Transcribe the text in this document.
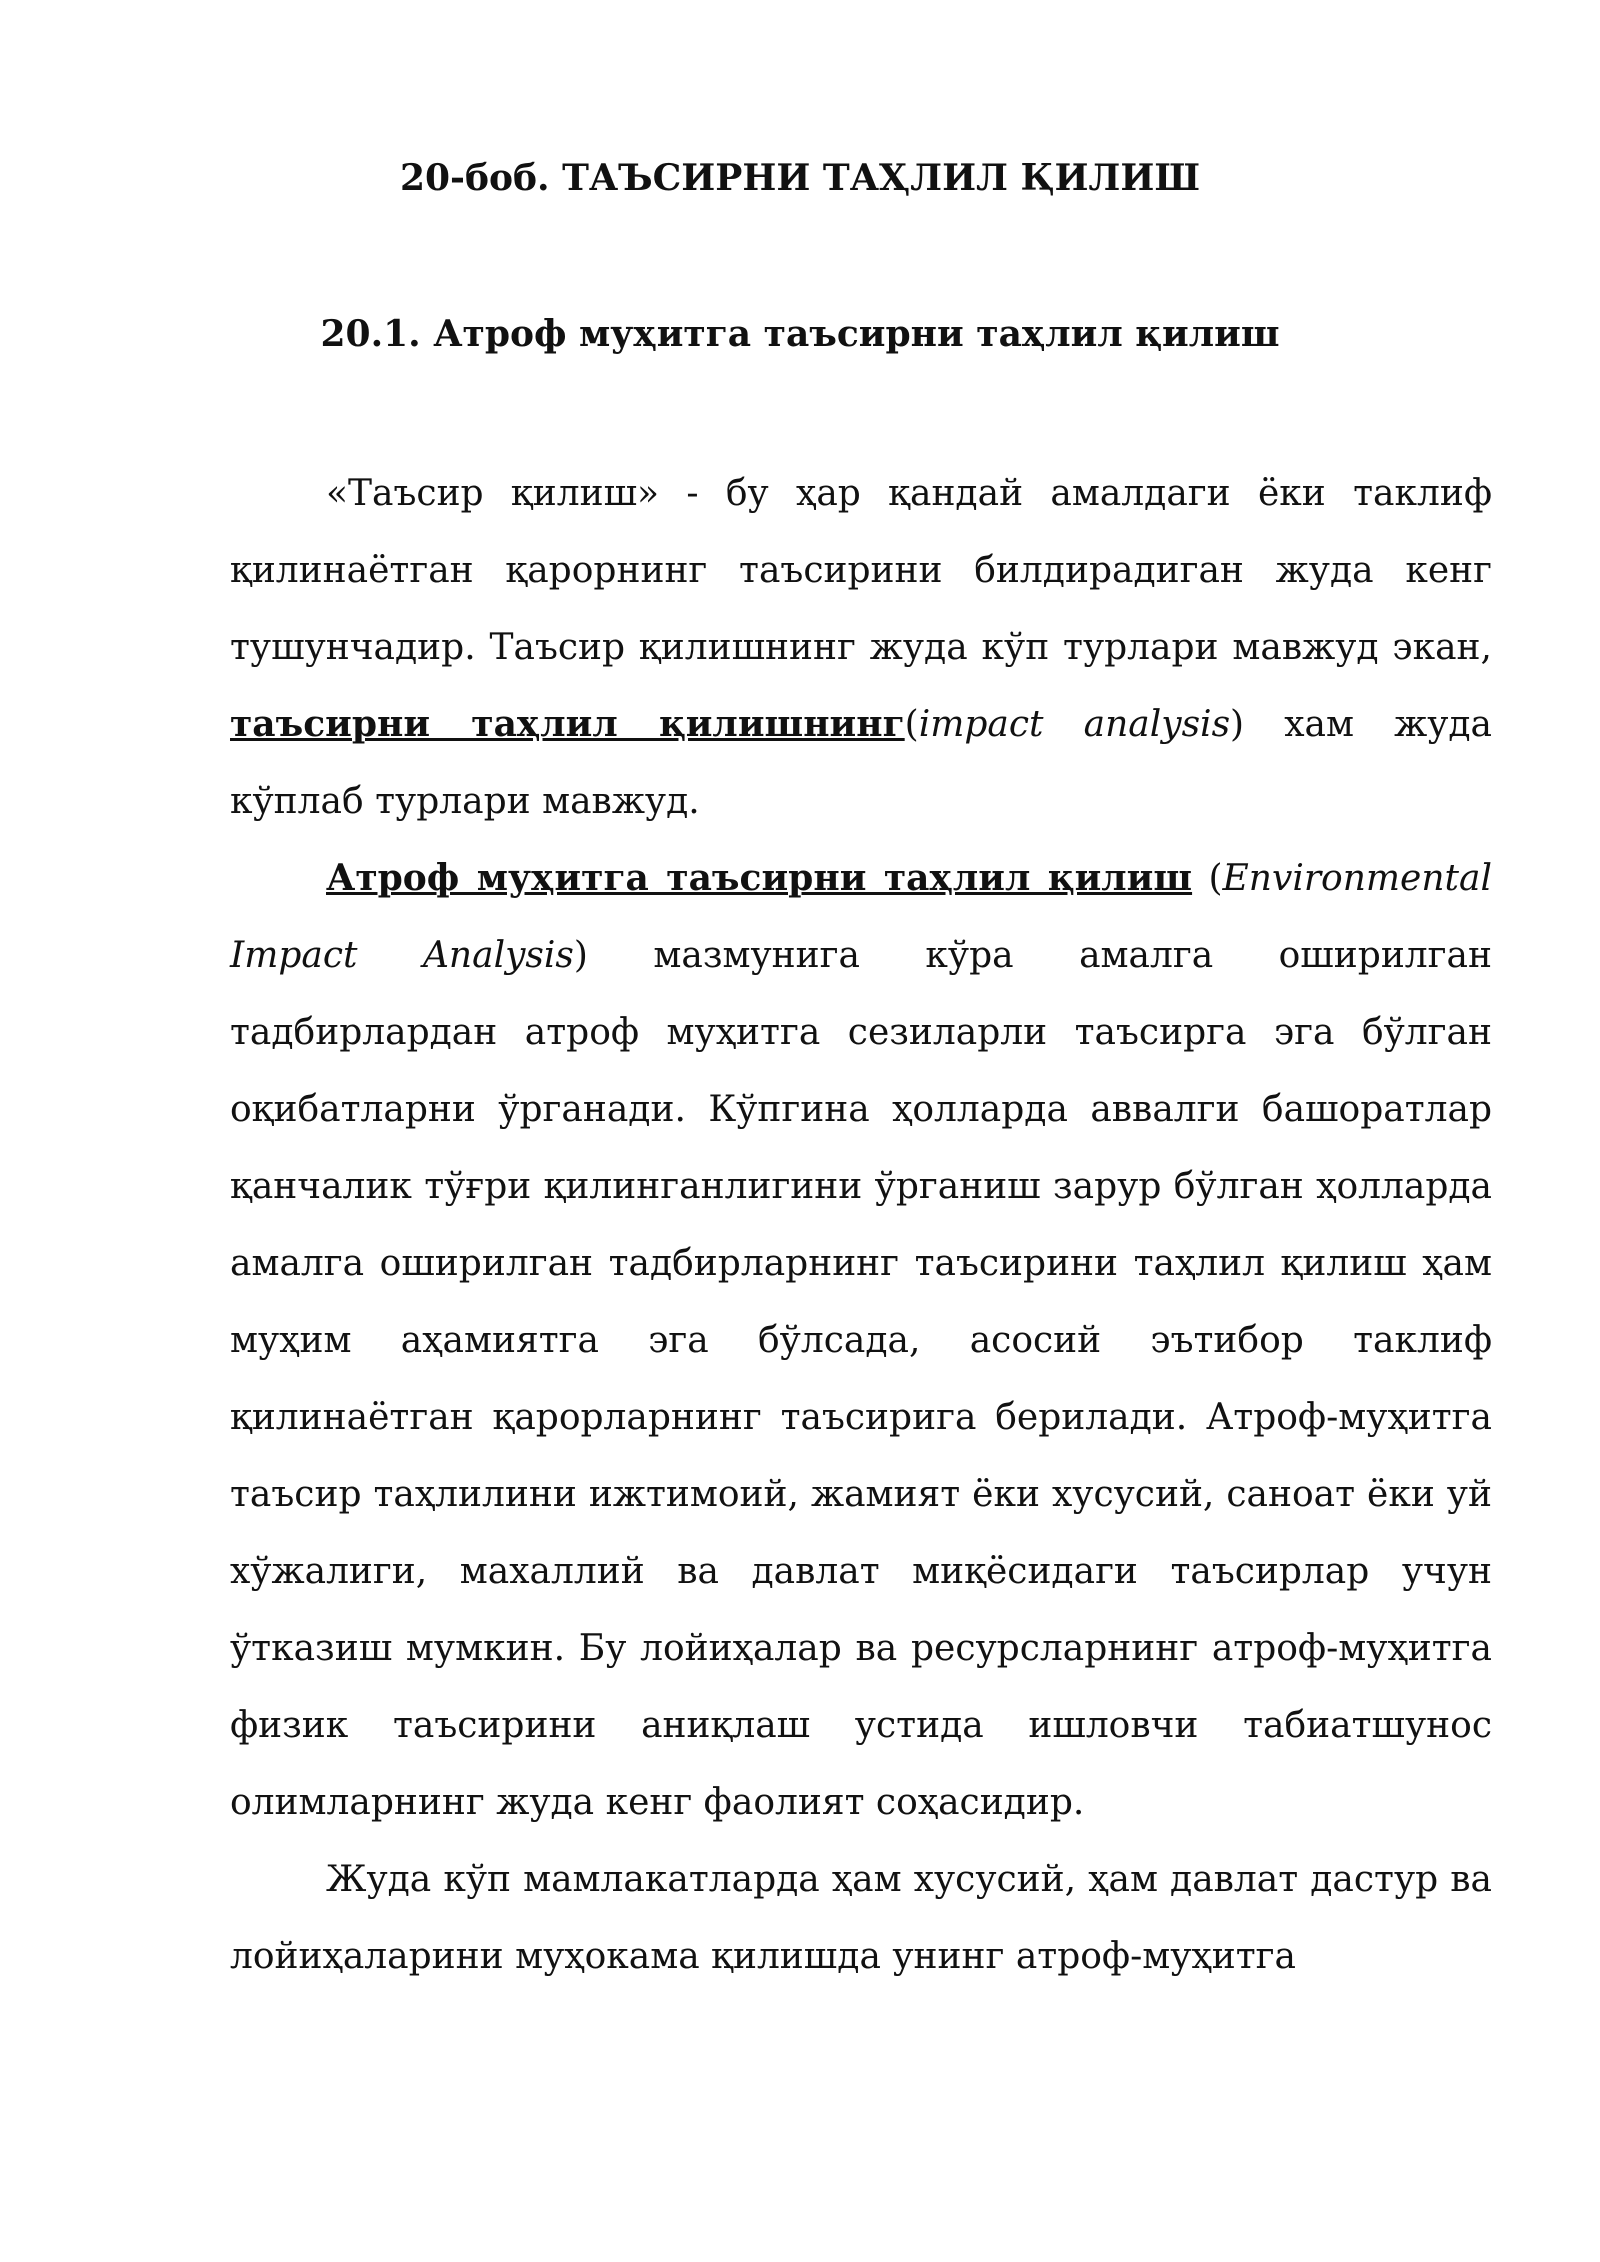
20-боб. ТАЪСИРНИ ТАҲЛИЛ ҚИЛИШ
20.1. Атроф муҳитга таъсирни таҳлил қилиш

«Таъсир қилиш» - бу ҳар қандай амалдаги ёки таклиф қилинаётган қарорнинг таъсирини билдирадиган жуда кенг тушунчадир. Таъсир қилишнинг жуда кўп турлари мавжуд экан, таъсирни таҳлил қилишнинг(impact analysis) хам жуда кўплаб турлари мавжуд.

Атроф муҳитга таъсирни таҳлил қилиш (Environmental Impact Analysis) мазмунига кўра амалга оширилган тадбирлардан атроф муҳитга сезиларли таъсирга эга бўлган оқибатларни ўрганади. Кўпгина ҳолларда аввалги башоратлар қанчалик тўғри қилинганлигини ўрганиш зарур бўлган ҳолларда амалга оширилган тадбирларнинг таъсирини таҳлил қилиш ҳам муҳим аҳамиятга эга бўлсада, асосий эътибор таклиф қилинаётган қарорларнинг таъсирига берилади. Атроф-муҳитга таъсир таҳлилини ижтимоий, жамият ёки хусусий, саноат ёки уй хўжалиги, махаллий ва давлат миқёсидаги таъсирлар учун ўтказиш мумкин. Бу лойиҳалар ва ресурсларнинг атроф-муҳитга физик таъсирини аниқлаш устида ишловчи табиатшунос олимларнинг жуда кенг фаолият соҳасидир.

Жуда кўп мамлакатларда ҳам хусусий, ҳам давлат дастур ва лойиҳаларини муҳокама қилишда унинг атроф-муҳитга
